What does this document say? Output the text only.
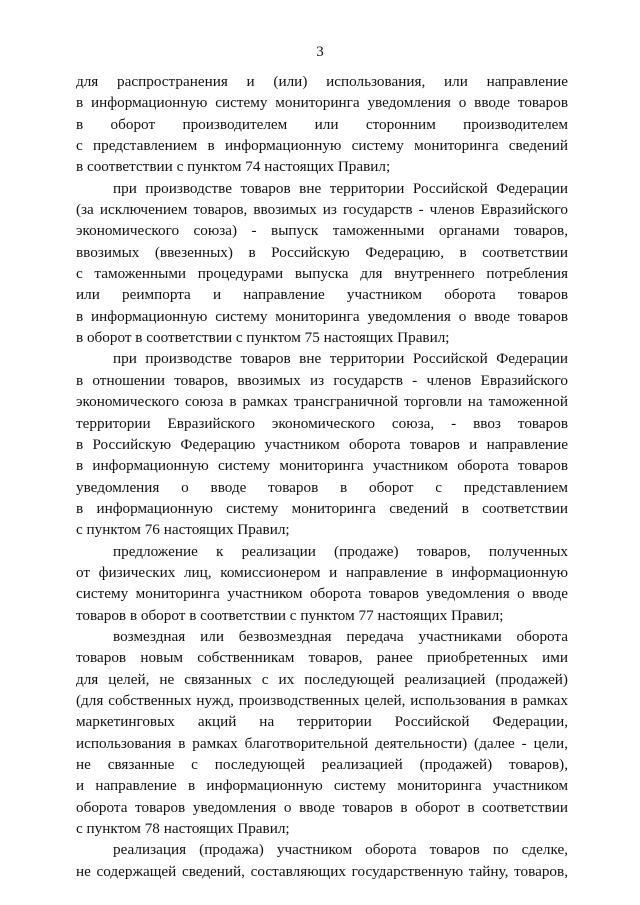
3
для распространения и (или) использования, или направление
в информационную систему мониторинга уведомления о вводе товаров
в оборот производителем или сторонним производителем
с представлением в информационную систему мониторинга сведений
в соответствии с пунктом 74 настоящих Правил;
при производстве товаров вне территории Российской Федерации
(за исключением товаров, ввозимых из государств - членов Евразийского
экономического союза) - выпуск таможенными органами товаров,
ввозимых (ввезенных) в Российскую Федерацию, в соответствии
с таможенными процедурами выпуска для внутреннего потребления
или реимпорта и направление участником оборота товаров
в информационную систему мониторинга уведомления о вводе товаров
в оборот в соответствии с пунктом 75 настоящих Правил;
при производстве товаров вне территории Российской Федерации
в отношении товаров, ввозимых из государств - членов Евразийского
экономического союза в рамках трансграничной торговли на таможенной
территории Евразийского экономического союза, - ввоз товаров
в Российскую Федерацию участником оборота товаров и направление
в информационную систему мониторинга участником оборота товаров
уведомления о вводе товаров в оборот с представлением
в информационную систему мониторинга сведений в соответствии
с пунктом 76 настоящих Правил;
предложение к реализации (продаже) товаров, полученных
от физических лиц, комиссионером и направление в информационную
систему мониторинга участником оборота товаров уведомления о вводе
товаров в оборот в соответствии с пунктом 77 настоящих Правил;
возмездная или безвозмездная передача участниками оборота
товаров новым собственникам товаров, ранее приобретенных ими
для целей, не связанных с их последующей реализацией (продажей)
(для собственных нужд, производственных целей, использования в рамках
маркетинговых акций на территории Российской Федерации,
использования в рамках благотворительной деятельности) (далее - цели,
не связанные с последующей реализацией (продажей) товаров),
и направление в информационную систему мониторинга участником
оборота товаров уведомления о вводе товаров в оборот в соответствии
с пунктом 78 настоящих Правил;
реализация (продажа) участником оборота товаров по сделке,
не содержащей сведений, составляющих государственную тайну, товаров,
